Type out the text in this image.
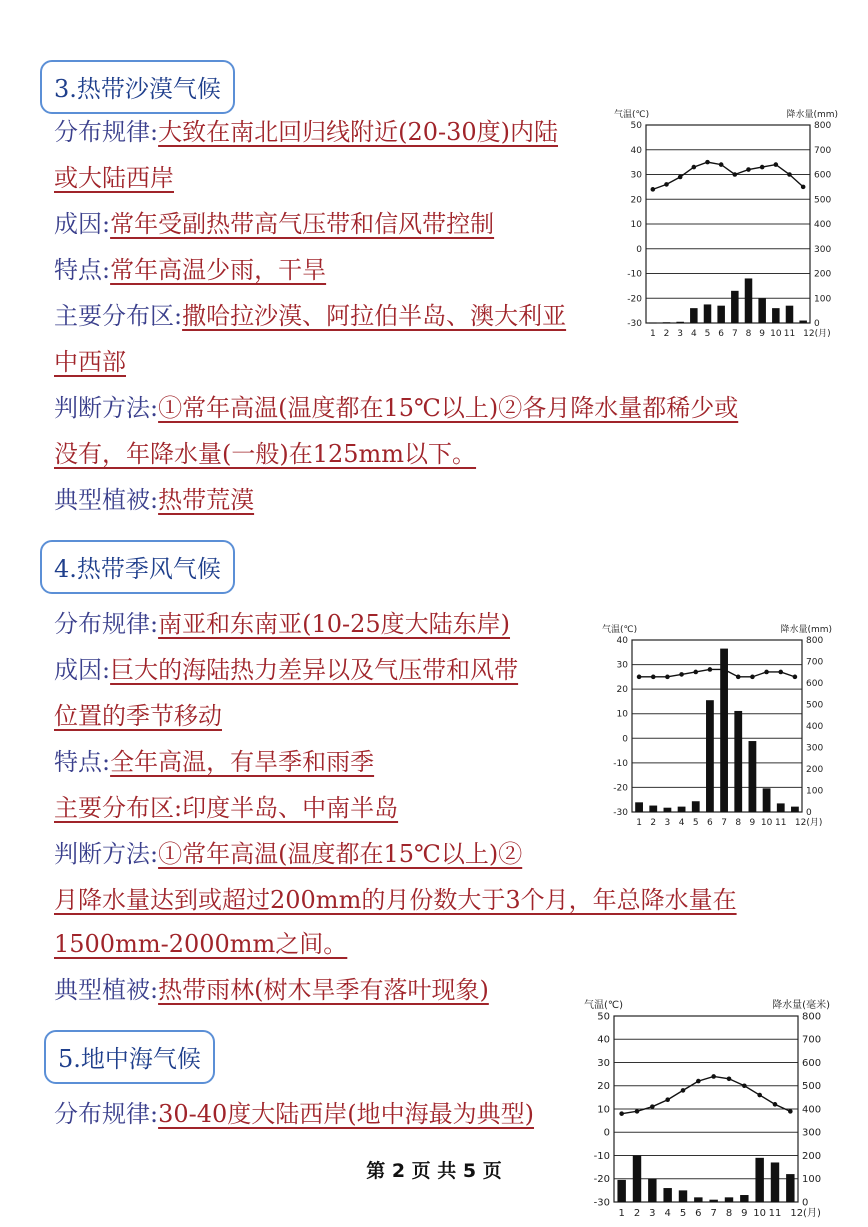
3.热带沙漠气候
分布规律:大致在南北回归线附近(20-30度)内陆
或大陆西岸
成因:常年受副热带高气压带和信风带控制
特点:常年高温少雨，干旱
主要分布区:撒哈拉沙漠、阿拉伯半岛、澳大利亚
中西部
判断方法:①常年高温(温度都在15℃以上)②各月降水量都稀少或
没有，年降水量(一般)在125mm以下。
典型植被:热带荒漠
4.热带季风气候
分布规律:南亚和东南亚(10-25度大陆东岸)
成因:巨大的海陆热力差异以及气压带和风带
位置的季节移动
特点:全年高温，有旱季和雨季
主要分布区:印度半岛、中南半岛
判断方法:①常年高温(温度都在15℃以上)②
月降水量达到或超过200mm的月份数大于3个月，年总降水量在
1500mm-2000mm之间。
典型植被:热带雨林(树木旱季有落叶现象)
5.地中海气候
分布规律:30-40度大陆西岸(地中海最为典型)
气温(℃)	降水量(mm)
50
40
30
20
10
0
-10
-20
-30
800
700
600
500
400
300
200
100
0
1 2 3 4 5 6 7 8 9 10 11 12(月)
气温(℃)	降水量(mm)
40
30
20
10
0
-10
-20
-30
800
700
600
500
400
300
200
100
0
1 2 3 4 5 6 7 8 9 10 11 12(月)
气温(℃)	降水量(毫米)
50
40
30
20
10
0
-10
-20
-30
800
700
600
500
400
300
200
100
0
1 2 3 4 5 6 7 8 9 10 11 12(月)
第 2 页 共 5 页
